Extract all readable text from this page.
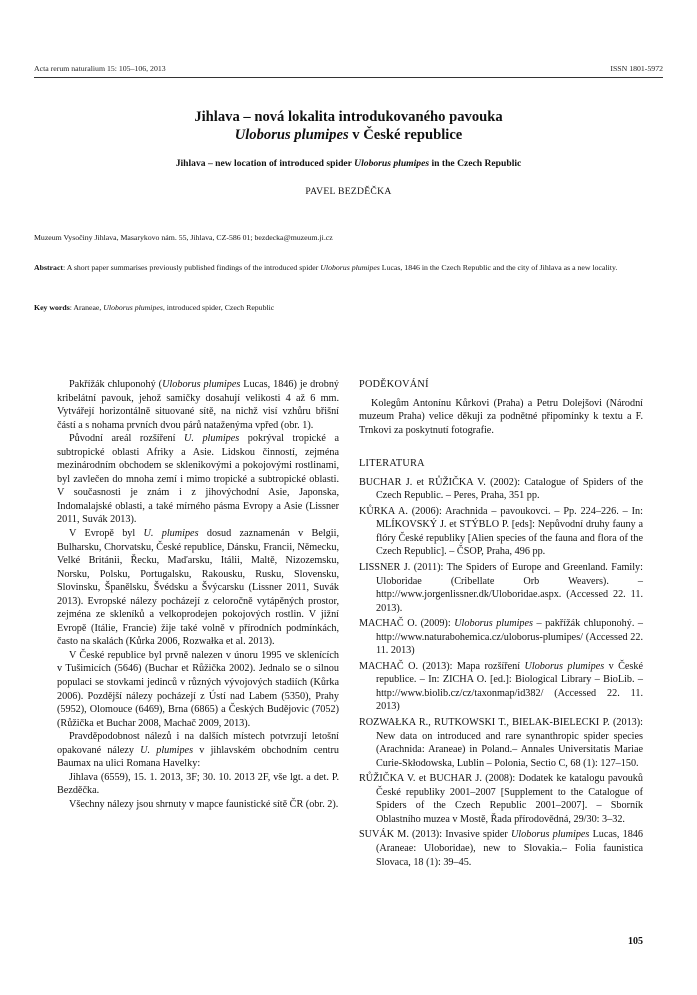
Acta rerum naturalium 15: 105–106, 2013	ISSN 1801-5972
Jihlava – nová lokalita introdukovaného pavouka
Uloborus plumipes v České republice
Jihlava – new location of introduced spider Uloborus plumipes in the Czech Republic
PAVEL BEZDĚČKA
Muzeum Vysočiny Jihlava, Masarykovo nám. 55, Jihlava, CZ-586 01; bezdecka@muzeum.ji.cz
Abstract: A short paper summarises previously published findings of the introduced spider Uloborus plumipes Lucas, 1846 in the Czech Republic and the city of Jihlava as a new locality.
Key words: Araneae, Uloborus plumipes, introduced spider, Czech Republic

Pakřížák chluponohý (Uloborus plumipes Lucas, 1846) je drobný kribelátní pavouk, jehož samičky dosahují velikosti 4 až 6 mm. Vytvářejí horizontálně situované sítě, na nichž visí vzhůru břišní částí a s nohama prvních dvou párů nataženýma vpřed (obr. 1).

Původní areál rozšíření U. plumipes pokrýval tropické a subtropické oblasti Afriky a Asie. Lidskou činností, zejména mezinárodním obchodem se sklenikovými a pokojovými rostlinami, byl zavlečen do mnoha zemí i mimo tropické a subtropické oblasti. V současnosti je znám i z jihovýchodní Asie, Japonska, Indomalajské oblasti, a také mírného pásma Evropy a Asie (Lissner 2011, Suvák 2013).

V Evropě byl U. plumipes dosud zaznamenán v Belgii, Bulharsku, Chorvatsku, České republice, Dánsku, Francii, Německu, Velké Británii, Řecku, Maďarsku, Itálii, Maltě, Nizozemsku, Norsku, Polsku, Portugalsku, Rakousku, Rusku, Slovensku, Slovinsku, Španělsku, Švédsku a Švýcarsku (Lissner 2011, Suvák 2013). Evropské nálezy pocházejí z celoročně vytápěných prostor, zejména ze skleníků a velkoprodejen pokojových rostlin. V jižní Evropě (Itálie, Francie) žije také volně v přírodních podmínkách, často na skalách (Kůrka 2006, Rozwałka et al. 2013).

V České republice byl prvně nalezen v únoru 1995 ve sklenících v Tušimicích (5646) (Buchar et Růžička 2002). Jednalo se o silnou populaci se stovkami jedinců v různých vývojových stadiích (Kůrka 2006). Pozdější nálezy pocházejí z Ústí nad Labem (5350), Prahy (5952), Olomouce (6469), Brna (6865) a Českých Budějovic (7052) (Růžička et Buchar 2008, Machač 2009, 2013).

Pravděpodobnost nálezů i na dalších místech potvrzují letošní opakované nálezy U. plumipes v jihlavském obchodním centru Baumax na ulici Romana Havelky:

Jihlava (6559), 15. 1. 2013, 3F; 30. 10. 2013 2F, vše lgt. a det. P. Bezděčka.

Všechny nálezy jsou shrnuty v mapce faunistické sítě ČR (obr. 2).

PODĚKOVÁNÍ

Kolegům Antonínu Kůrkovi (Praha) a Petru Dolejšovi (Národní muzeum Praha) velice děkuji za podnětné připomínky k textu a F. Trnkovi za poskytnutí fotografie.

LITERATURA

BUCHAR J. et RŮŽIČKA V. (2002): Catalogue of Spiders of the Czech Republic. – Peres, Praha, 351 pp.

KŮRKA A. (2006): Arachnida – pavoukovci. – Pp. 224–226. – In: MLÍKOVSKÝ J. et STÝBLO P. [eds]: Nepůvodní druhy fauny a flóry České republiky [Alien species of the fauna and flora of the Czech Republic]. – ČSOP, Praha, 496 pp.

LISSNER J. (2011): The Spiders of Europe and Greenland. Family: Uloboridae (Cribellate Orb Weavers). – http://www.jorgenlissner.dk/Uloboridae.aspx. (Accessed 22. 11. 2013).

MACHAČ O. (2009): Uloborus plumipes – pakřížák chluponohý. – http://www.naturabohemica.cz/uloborus-plumipes/ (Accessed 22. 11. 2013)

MACHAČ O. (2013): Mapa rozšíření Uloborus plumipes v České republice. – In: ZICHA O. [ed.]: Biological Library – BioLib. – http://www.biolib.cz/cz/taxonmap/id382/ (Accessed 22. 11. 2013)

ROZWAŁKA R., RUTKOWSKI T., BIELAK-BIELECKI P. (2013): New data on introduced and rare synanthropic spider species (Arachnida: Araneae) in Poland.– Annales Universitatis Mariae Curie-Skłodowska, Lublin – Polonia, Sectio C, 68 (1): 127–150.

RŮŽIČKA V. et BUCHAR J. (2008): Dodatek ke katalogu pavouků České republiky 2001–2007 [Supplement to the Catalogue of Spiders of the Czech Republic 2001–2007]. – Sborník Oblastního muzea v Mostě, Řada přírodovědná, 29/30: 3–32.

SUVÁK M. (2013): Invasive spider Uloborus plumipes Lucas, 1846 (Araneae: Uloboridae), new to Slovakia.– Folia faunistica Slovaca, 18 (1): 39–45.

105
